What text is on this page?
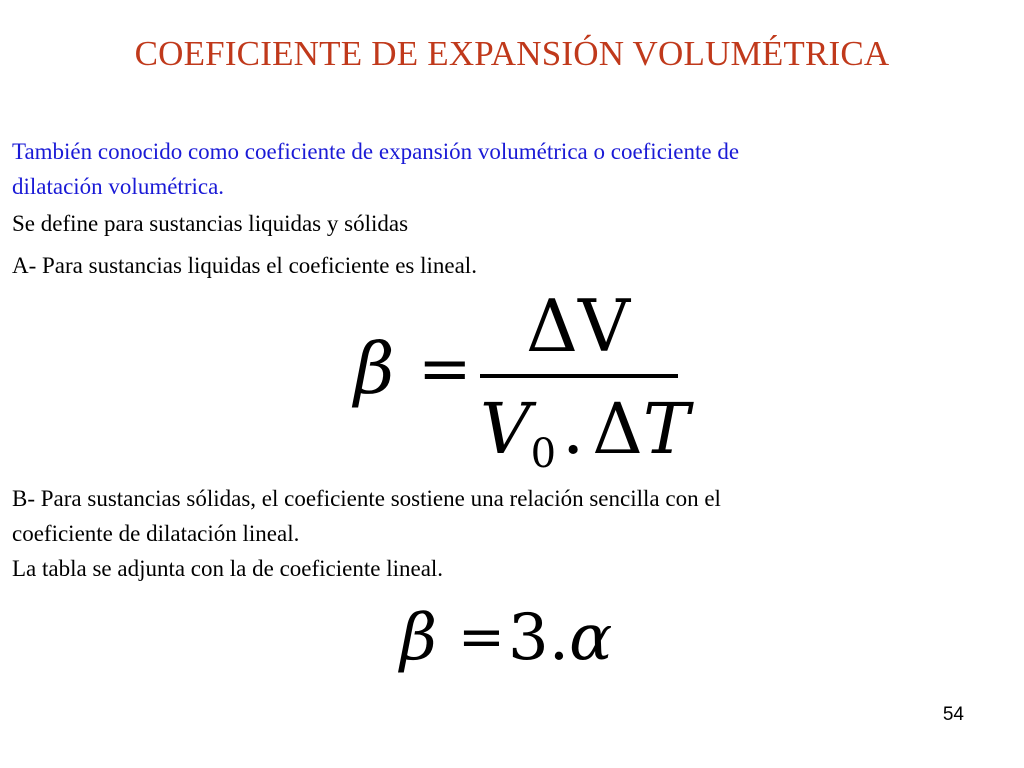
COEFICIENTE DE EXPANSIÓN VOLUMÉTRICA
También conocido como coeficiente de expansión volumétrica o coeficiente de
dilatación volumétrica.
Se define para sustancias liquidas y sólidas
A- Para sustancias liquidas el coeficiente es lineal.
β =
ΔV
$V_0$. ΔT
B- Para sustancias sólidas, el coeficiente sostiene una relación sencilla con el
coeficiente de dilatación lineal.
La tabla se adjunta con la de coeficiente lineal.
β = 3.α
54
